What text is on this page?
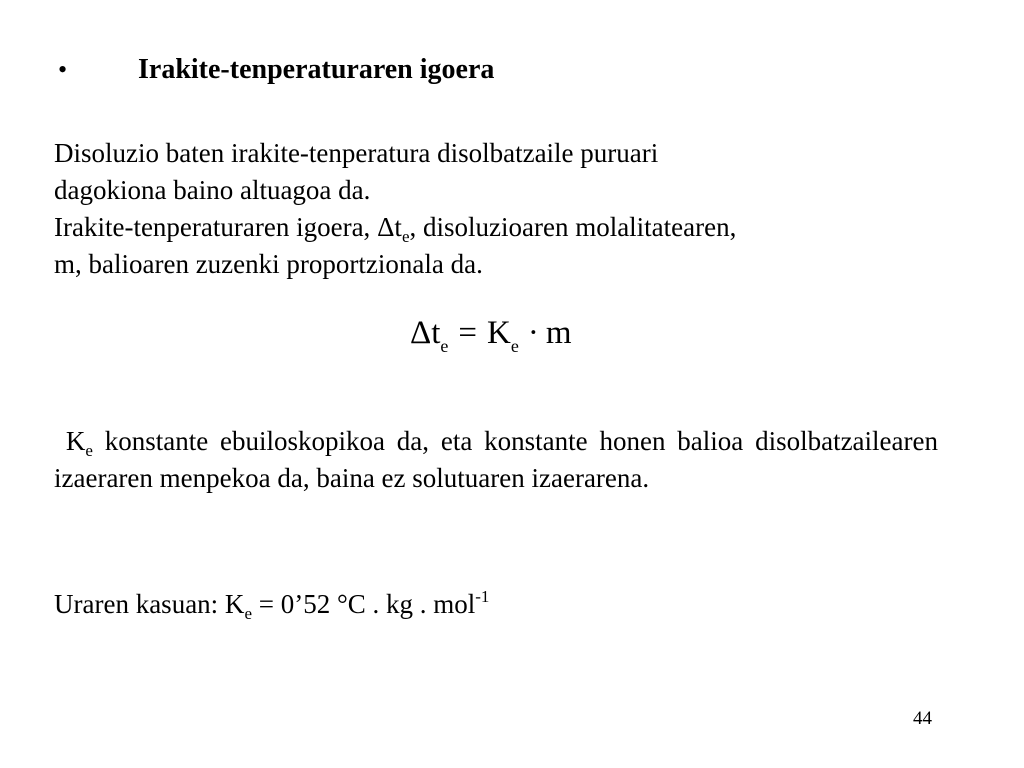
•	Irakite-tenperaturaren igoera
Disoluzio baten irakite-tenperatura disolbatzaile puruari
dagokiona baino altuagoa da.
Irakite-tenperaturaren igoera, $\Delta t_e$, disoluzioaren molalitatearen,
m, balioaren zuzenki proportzionala da.
$\Delta t_e = K_e \cdot m$
$K_e$ konstante ebuiloskopikoa da, eta konstante honen balioa disolbatzailearen izaeraren menpekoa da, baina ez solutuaren izaerarena.
Uraren kasuan: $K_e$ = 0’52 °C . kg . mol$^{-1}$
44
